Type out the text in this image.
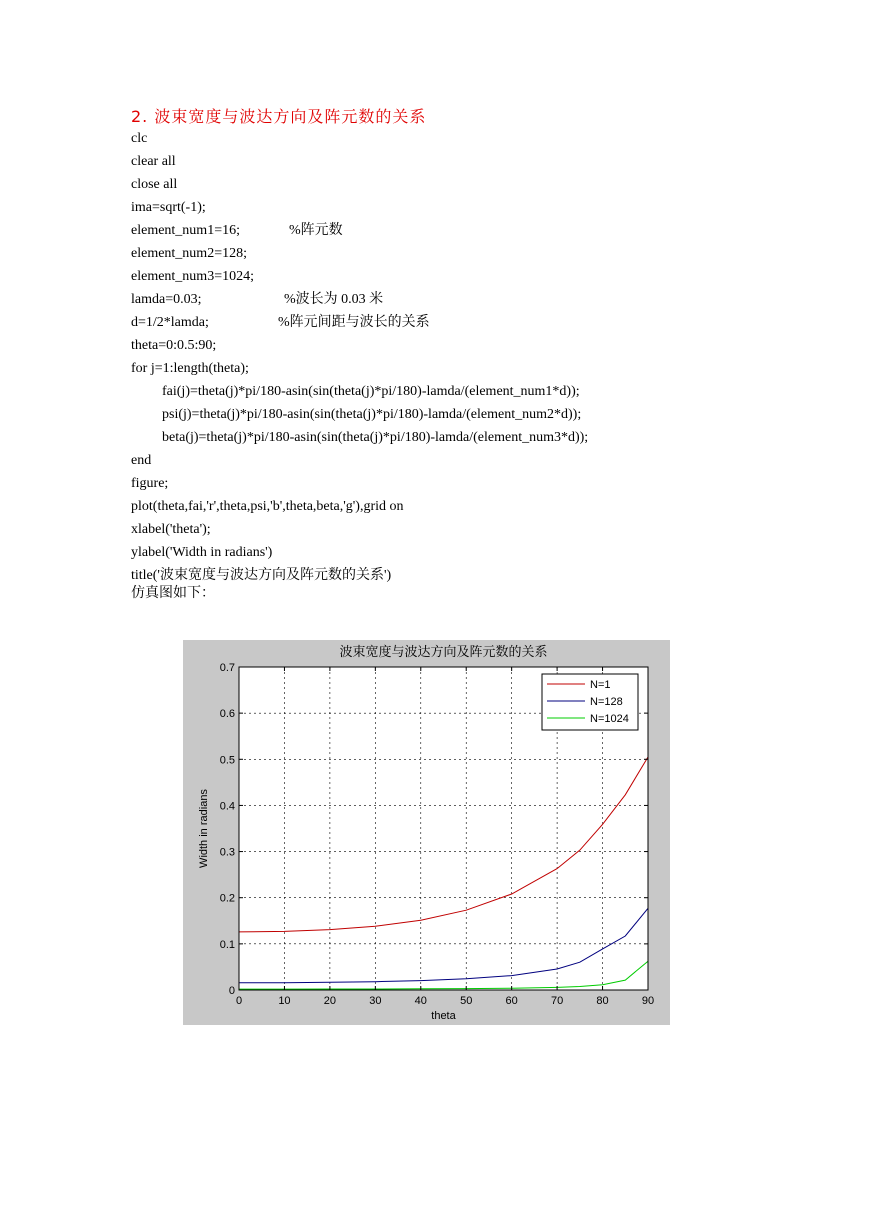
2. 波束宽度与波达方向及阵元数的关系
clc
clear all
close all
ima=sqrt(-1);
element_num1=16;	%阵元数
element_num2=128;
element_num3=1024;
lamda=0.03;	%波长为 0.03 米
d=1/2*lamda;	%阵元间距与波长的关系
theta=0:0.5:90;
for j=1:length(theta);
fai(j)=theta(j)*pi/180-asin(sin(theta(j)*pi/180)-lamda/(element_num1*d));
psi(j)=theta(j)*pi/180-asin(sin(theta(j)*pi/180)-lamda/(element_num2*d));
beta(j)=theta(j)*pi/180-asin(sin(theta(j)*pi/180)-lamda/(element_num3*d));
end
figure;
plot(theta,fai,'r',theta,psi,'b',theta,beta,'g'),grid on
xlabel('theta');
ylabel('Width in radians')
title('波束宽度与波达方向及阵元数的关系')
仿真图如下：
0	10	20	30	40	50	60	70	80	90
0
0.1
0.2
0.3
0.4
0.5
0.6
0.7
波束宽度与波达方向及阵元数的关系
theta
Width in radians
N=1
N=128
N=1024
